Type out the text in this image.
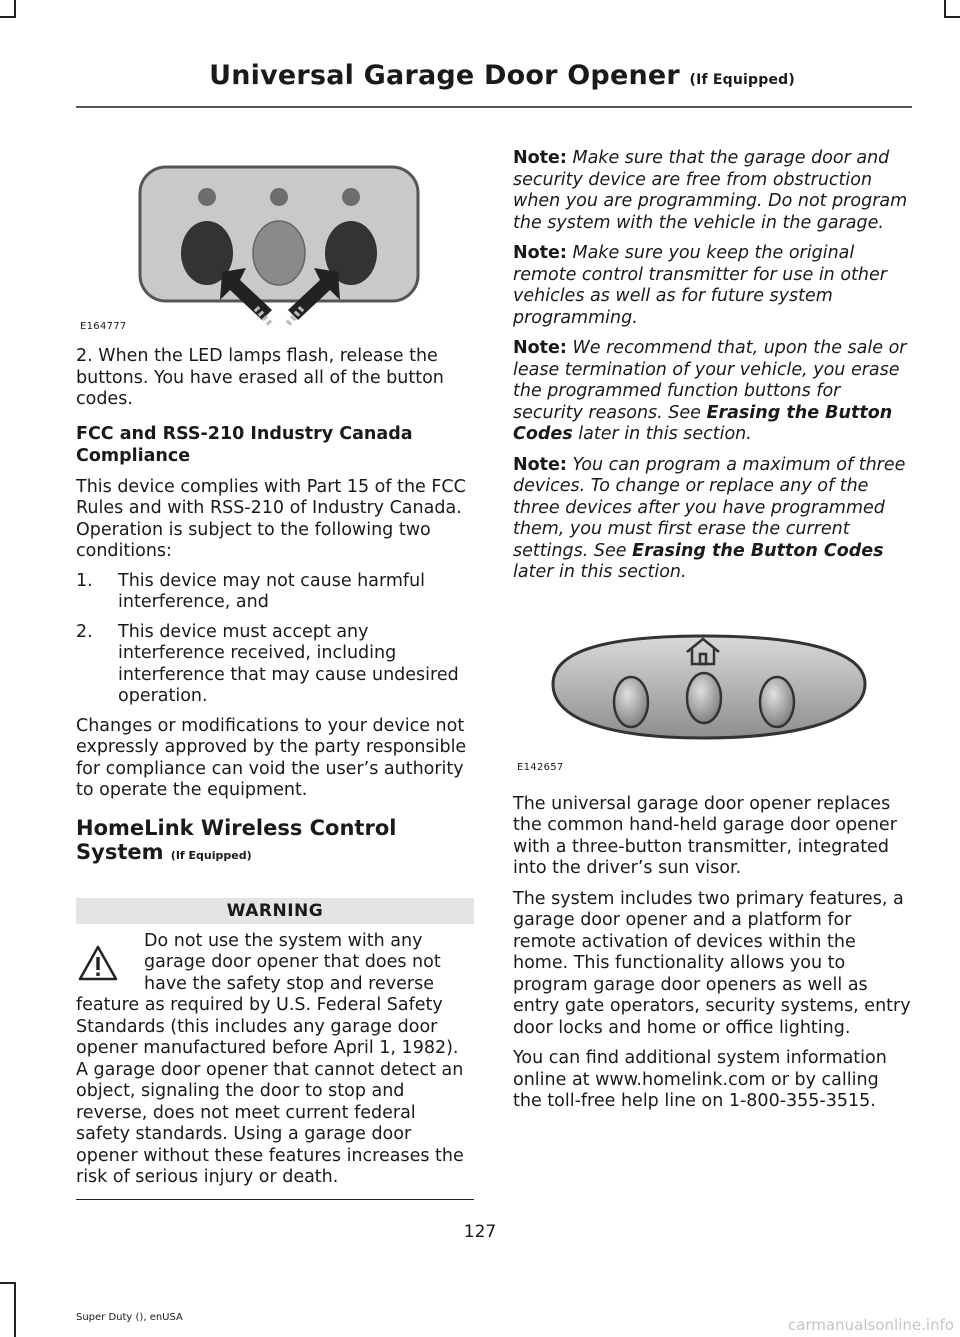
Universal Garage Door Opener (If Equipped)
E164777

2. When the LED lamps flash, release the buttons. You have erased all of the button codes.

FCC and RSS-210 Industry Canada Compliance

This device complies with Part 15 of the FCC Rules and with RSS-210 of Industry Canada. Operation is subject to the following two conditions:

1. This device may not cause harmful interference, and
2. This device must accept any interference received, including interference that may cause undesired operation.

Changes or modifications to your device not expressly approved by the party responsible for compliance can void the user’s authority to operate the equipment.

HomeLink Wireless Control System (If Equipped)
WARNING

Do not use the system with any garage door opener that does not have the safety stop and reverse

feature as required by U.S. Federal Safety Standards (this includes any garage door opener manufactured before April 1, 1982). A garage door opener that cannot detect an object, signaling the door to stop and reverse, does not meet current federal safety standards. Using a garage door opener without these features increases the risk of serious injury or death.

Note: Make sure that the garage door and security device are free from obstruction when you are programming. Do not program the system with the vehicle in the garage.

Note: Make sure you keep the original remote control transmitter for use in other vehicles as well as for future system programming.

Note: We recommend that, upon the sale or lease termination of your vehicle, you erase the programmed function buttons for security reasons. See Erasing the Button Codes later in this section.

Note: You can program a maximum of three devices. To change or replace any of the three devices after you have programmed them, you must first erase the current settings. See Erasing the Button Codes later in this section.

E142657

The universal garage door opener replaces the common hand-held garage door opener with a three-button transmitter, integrated into the driver’s sun visor.

The system includes two primary features, a garage door opener and a platform for remote activation of devices within the home. This functionality allows you to program garage door openers as well as entry gate operators, security systems, entry door locks and home or office lighting.

You can find additional system information online at www.homelink.com or by calling the toll-free help line on 1-800-355-3515.

127
Super Duty (), enUSA	carmanualsonline.info
